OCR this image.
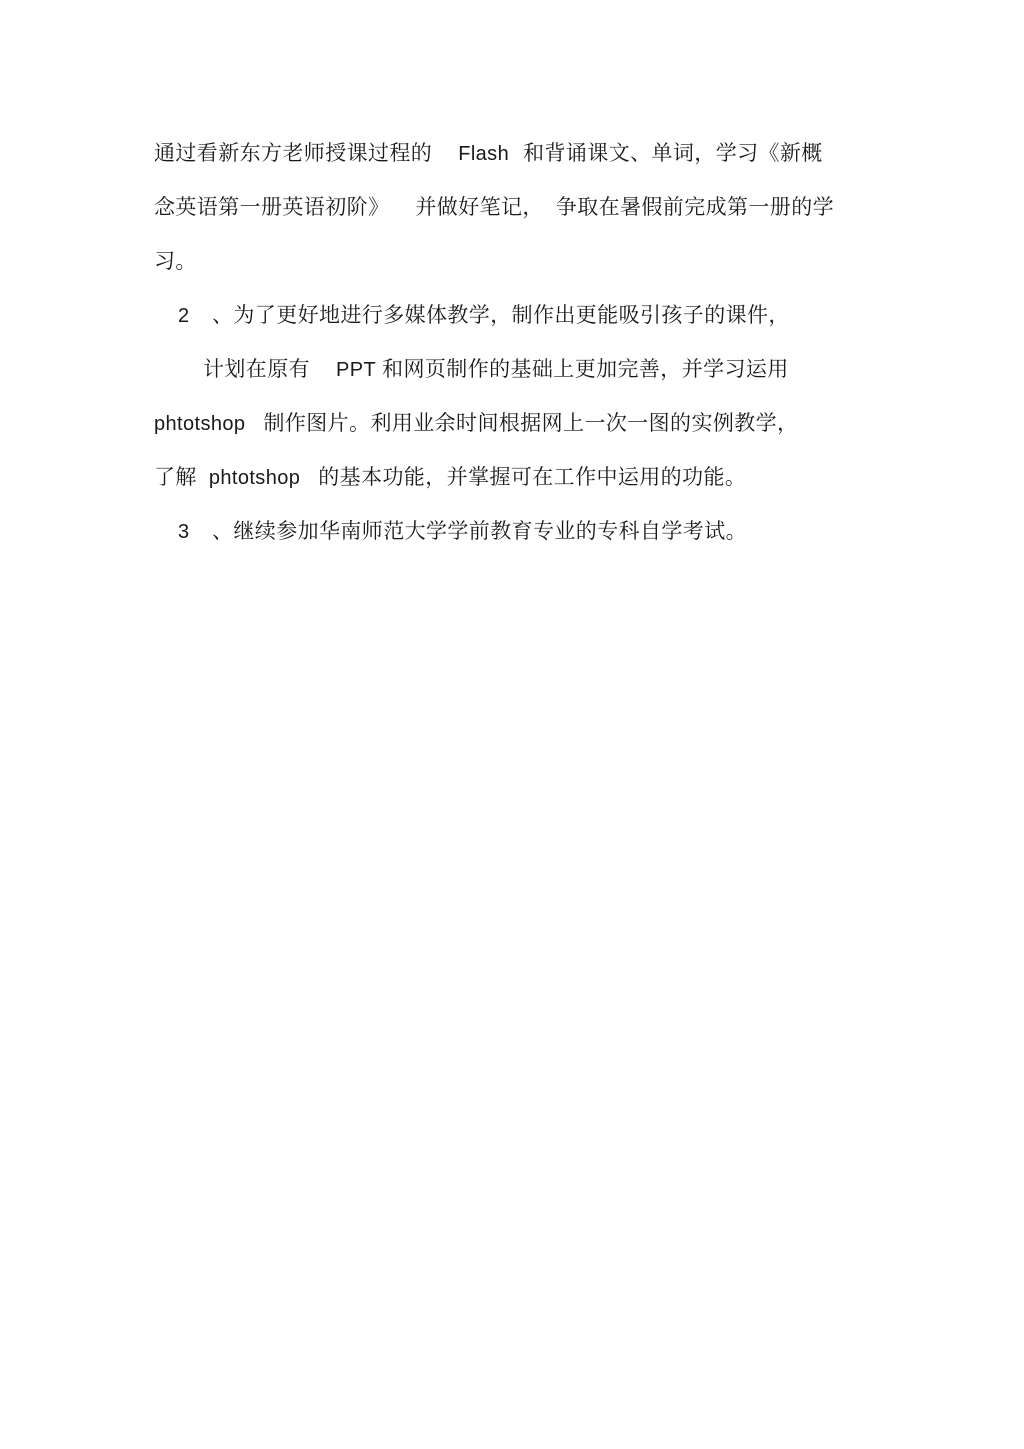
通过看新东方老师授课过程的 Flash 和背诵课文、单词，学习《新概
念英语第一册英语初阶》 并做好笔记， 争取在暑假前完成第一册的学
习。
2 、为了更好地进行多媒体教学，制作出更能吸引孩子的课件，
计划在原有 PPT 和网页制作的基础上更加完善，并学习运用
phtotshop 制作图片。利用业余时间根据网上一次一图的实例教学，
了解 phtotshop 的基本功能，并掌握可在工作中运用的功能。
3 、继续参加华南师范大学学前教育专业的专科自学考试。
